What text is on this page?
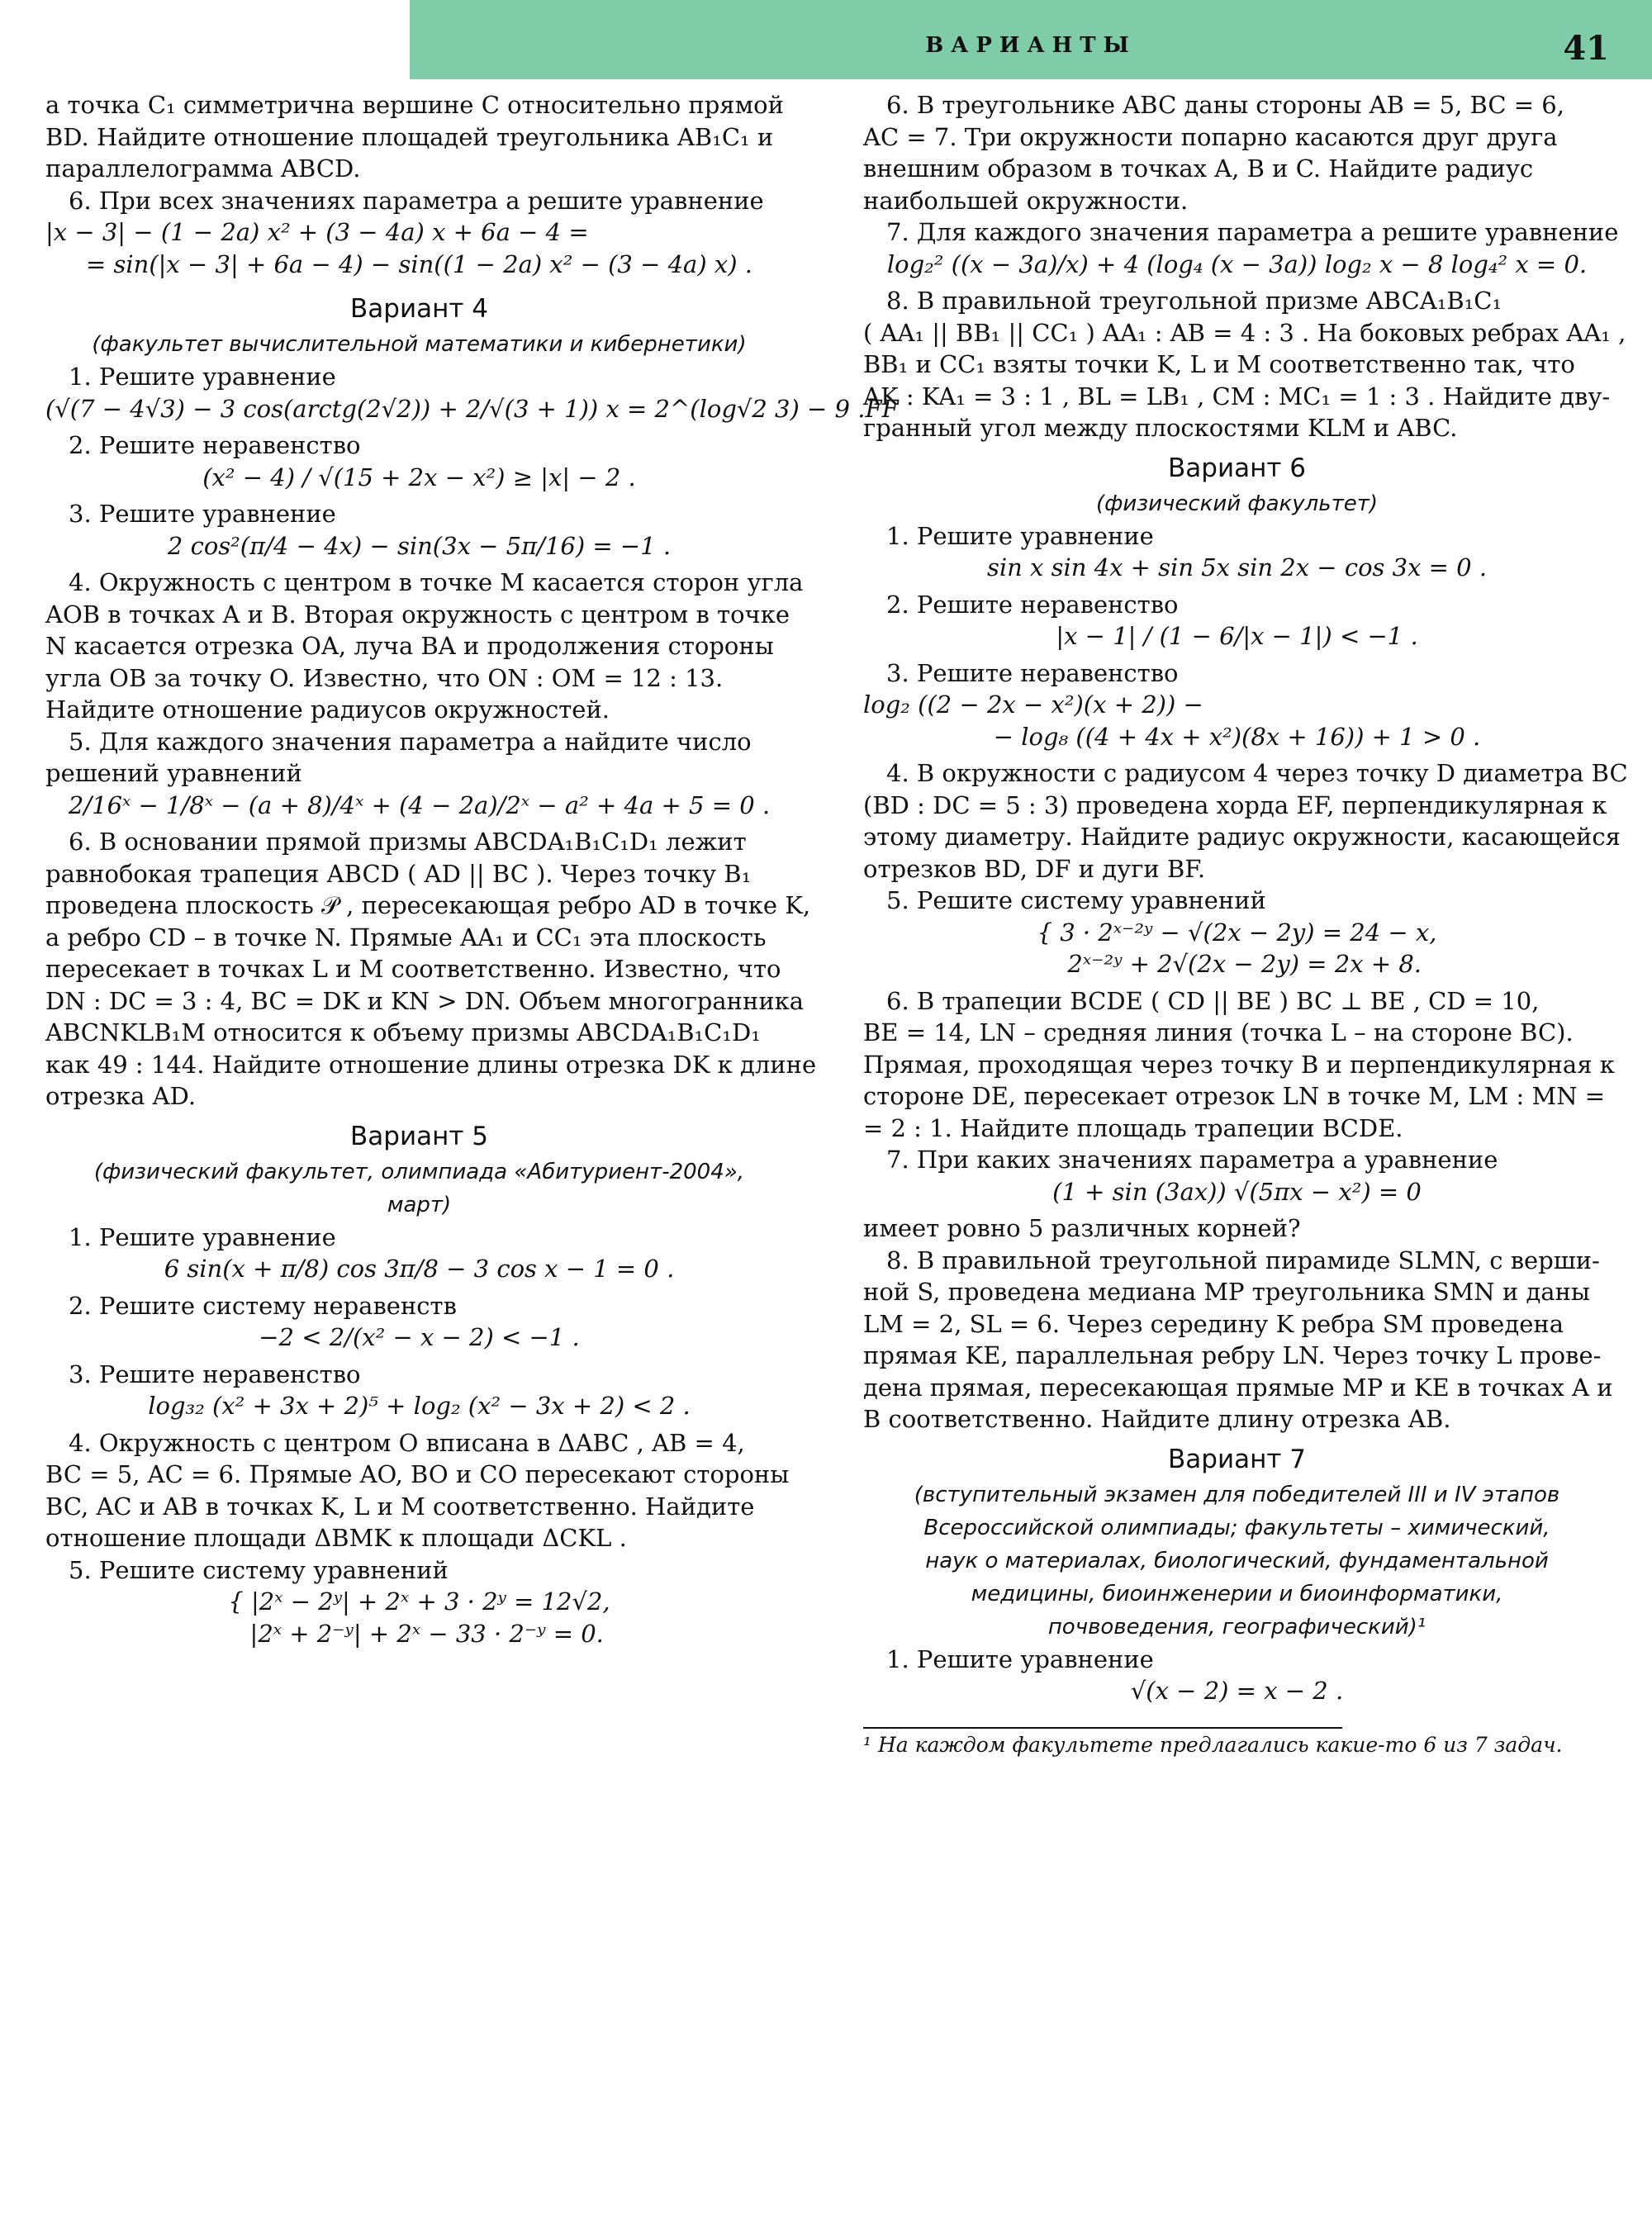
ВАРИАНТЫ	41
а точка C₁ симметрична вершине C относительно прямой
BD. Найдите отношение площадей треугольника AB₁C₁ и
параллелограмма ABCD.
6. При всех значениях параметра a решите уравнение
|x − 3| − (1 − 2a) x² + (3 − 4a) x + 6a − 4 =
= sin(|x − 3| + 6a − 4) − sin((1 − 2a) x² − (3 − 4a) x) .
Вариант 4
(факультет вычислительной математики и кибернетики)
1. Решите уравнение
(√(7 − 4√3) − 3 cos(arctg(2√2)) + 2/√(3 + 1)) x = 2^(log√2 3) − 9 .FF
2. Решите неравенство
(x² − 4) / √(15 + 2x − x²) ≥ |x| − 2 .
3. Решите уравнение
2 cos²(π/4 − 4x) − sin(3x − 5π/16) = −1 .
4. Окружность с центром в точке M касается сторон угла
AOB в точках A и B. Вторая окружность с центром в точке
N касается отрезка OA, луча BA и продолжения стороны
угла OB за точку O. Известно, что ON : OM = 12 : 13.
Найдите отношение радиусов окружностей.
5. Для каждого значения параметра a найдите число
решений уравнений
2/16ˣ − 1/8ˣ − (a + 8)/4ˣ + (4 − 2a)/2ˣ − a² + 4a + 5 = 0 .
6. В основании прямой призмы ABCDA₁B₁C₁D₁ лежит
равнобокая трапеция ABCD ( AD || BC ). Через точку B₁
проведена плоскость 𝒫 , пересекающая ребро AD в точке K,
а ребро CD – в точке N. Прямые AA₁ и CC₁ эта плоскость
пересекает в точках L и M соответственно. Известно, что
DN : DC = 3 : 4, BC = DK и KN > DN. Объем многогранника
ABCNKLB₁M относится к объему призмы ABCDA₁B₁C₁D₁
как 49 : 144. Найдите отношение длины отрезка DK к длине
отрезка AD.
Вариант 5
(физический факультет, олимпиада «Абитуриент-2004»,
март)
1. Решите уравнение
6 sin(x + π/8) cos 3π/8 − 3 cos x − 1 = 0 .
2. Решите систему неравенств
−2 < 2/(x² − x − 2) < −1 .
3. Решите неравенство
log₃₂ (x² + 3x + 2)⁵ + log₂ (x² − 3x + 2) < 2 .
4. Окружность с центром O вписана в ΔABC , AB = 4,
BC = 5, AC = 6. Прямые AO, BO и CO пересекают стороны
BC, AC и AB в точках K, L и M соответственно. Найдите
отношение площади ΔBMK к площади ΔCKL .
5. Решите систему уравнений
{ |2ˣ − 2ʸ| + 2ˣ + 3 · 2ʸ = 12√2,
|2ˣ + 2⁻ʸ| + 2ˣ − 33 · 2⁻ʸ = 0.
6. В треугольнике ABC даны стороны AB = 5, BC = 6,
AC = 7. Три окружности попарно касаются друг друга
внешним образом в точках A, B и C. Найдите радиус
наибольшей окружности.
7. Для каждого значения параметра a решите уравнение
log₂² ((x − 3a)/x) + 4 (log₄ (x − 3a)) log₂ x − 8 log₄² x = 0.
8. В правильной треугольной призме ABCA₁B₁C₁
( AA₁ || BB₁ || CC₁ ) AA₁ : AB = 4 : 3 . На боковых ребрах AA₁ ,
BB₁ и CC₁ взяты точки K, L и M соответственно так, что
AK : KA₁ = 3 : 1 , BL = LB₁ , CM : MC₁ = 1 : 3 . Найдите дву-
гранный угол между плоскостями KLM и ABC.
Вариант 6
(физический факультет)
1. Решите уравнение
sin x sin 4x + sin 5x sin 2x − cos 3x = 0 .
2. Решите неравенство
|x − 1| / (1 − 6/|x − 1|) < −1 .
3. Решите неравенство
log₂ ((2 − 2x − x²)(x + 2)) −
− log₈ ((4 + 4x + x²)(8x + 16)) + 1 > 0 .
4. В окружности с радиусом 4 через точку D диаметра BC
(BD : DC = 5 : 3) проведена хорда EF, перпендикулярная к
этому диаметру. Найдите радиус окружности, касающейся
отрезков BD, DF и дуги BF.
5. Решите систему уравнений
{ 3 · 2ˣ⁻²ʸ − √(2x − 2y) = 24 − x,
2ˣ⁻²ʸ + 2√(2x − 2y) = 2x + 8.
6. В трапеции BCDE ( CD || BE ) BC ⊥ BE , CD = 10,
BE = 14, LN – средняя линия (точка L – на стороне BC).
Прямая, проходящая через точку B и перпендикулярная к
стороне DE, пересекает отрезок LN в точке M, LM : MN =
= 2 : 1. Найдите площадь трапеции BCDE.
7. При каких значениях параметра a уравнение
(1 + sin (3ax)) √(5πx − x²) = 0
имеет ровно 5 различных корней?
8. В правильной треугольной пирамиде SLMN, с верши-
ной S, проведена медиана MP треугольника SMN и даны
LM = 2, SL = 6. Через середину K ребра SM проведена
прямая KE, параллельная ребру LN. Через точку L прове-
дена прямая, пересекающая прямые MP и KE в точках A и
B соответственно. Найдите длину отрезка AB.
Вариант 7
(вступительный экзамен для победителей III и IV этапов
Всероссийской олимпиады; факультеты – химический,
наук о материалах, биологический, фундаментальной
медицины, биоинженерии и биоинформатики,
почвоведения, географический)¹
1. Решите уравнение
√(x − 2) = x − 2 .
¹ На каждом факультете предлагались какие-то 6 из 7 задач.
